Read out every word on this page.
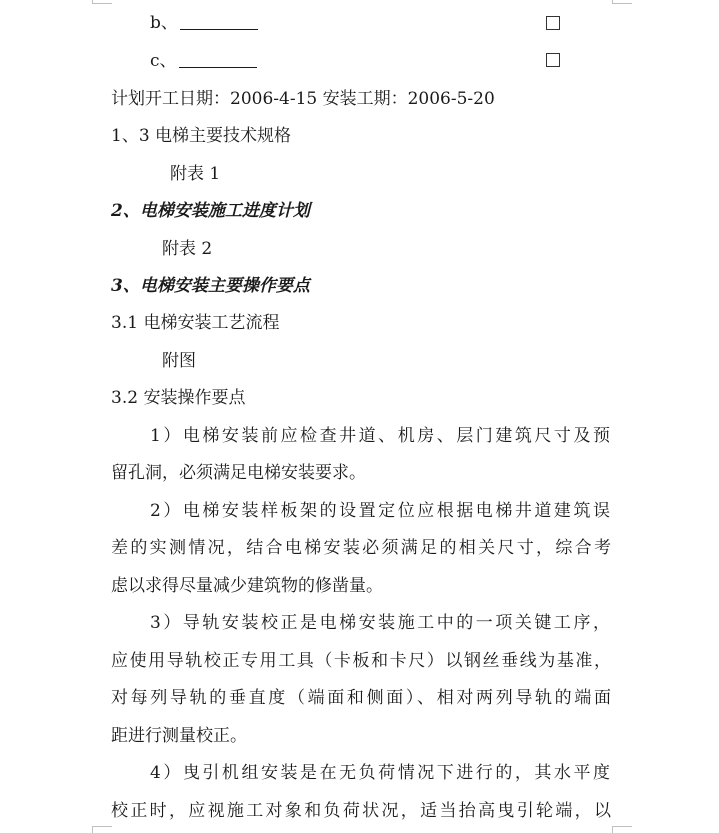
b、
c、
计划开工日期：2006-4-15 安装工期：2006-5-20
1、3 电梯主要技术规格
附表 1
2、电梯安装施工进度计划
附表 2
3、电梯安装主要操作要点
3.1 电梯安装工艺流程
附图
3.2 安装操作要点
1）电梯安装前应检查井道、机房、层门建筑尺寸及预
留孔洞，必须满足电梯安装要求。
2）电梯安装样板架的设置定位应根据电梯井道建筑误
差的实测情况，结合电梯安装必须满足的相关尺寸，综合考
虑以求得尽量减少建筑物的修凿量。
3）导轨安装校正是电梯安装施工中的一项关键工序，
应使用导轨校正专用工具（卡板和卡尺）以钢丝垂线为基准，
对每列导轨的垂直度（端面和侧面）、相对两列导轨的端面
距进行测量校正。
4）曳引机组安装是在无负荷情况下进行的，其水平度
校正时，应视施工对象和负荷状况，适当抬高曳引轮端，以
